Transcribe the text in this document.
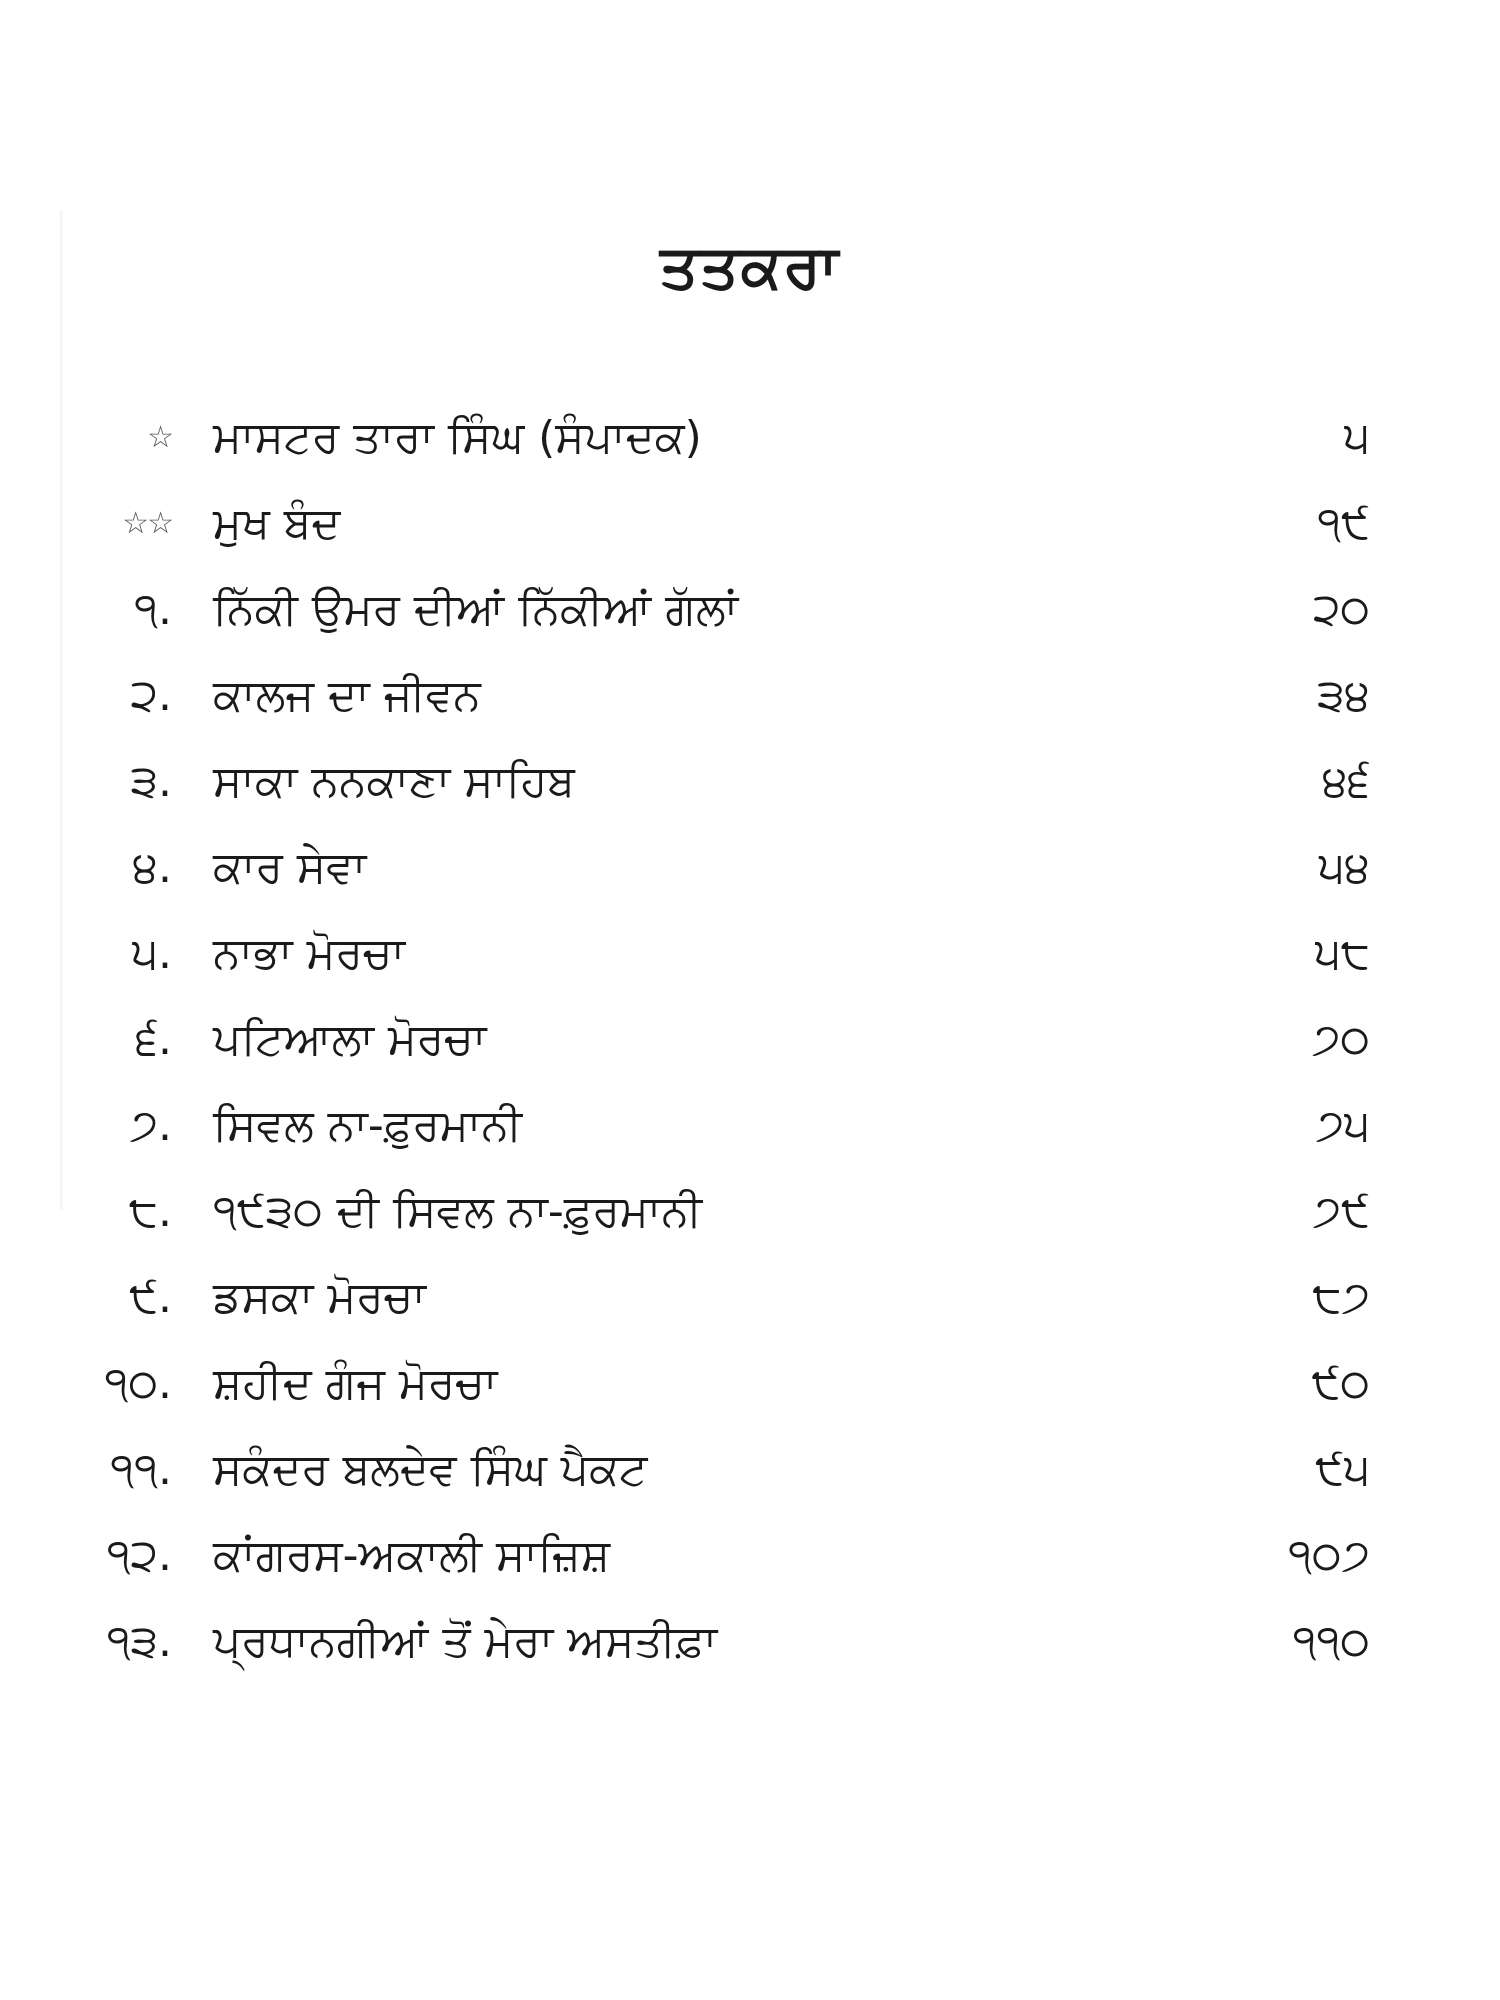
ਤਤਕਰਾ
☆ ਮਾਸਟਰ ਤਾਰਾ ਸਿੰਘ (ਸੰਪਾਦਕ)	੫
☆☆ ਮੁਖ ਬੰਦ	੧੯
੧. ਨਿੱਕੀ ਉਮਰ ਦੀਆਂ ਨਿੱਕੀਆਂ ਗੱਲਾਂ	੨੦
੨. ਕਾਲਜ ਦਾ ਜੀਵਨ	੩੪
੩. ਸਾਕਾ ਨਨਕਾਣਾ ਸਾਹਿਬ	੪੬
੪. ਕਾਰ ਸੇਵਾ	੫੪
੫. ਨਾਭਾ ਮੋਰਚਾ	੫੮
੬. ਪਟਿਆਲਾ ਮੋਰਚਾ	੭੦
੭. ਸਿਵਲ ਨਾ-ਫ਼ੁਰਮਾਨੀ	੭੫
੮. ੧੯੩੦ ਦੀ ਸਿਵਲ ਨਾ-ਫ਼ੁਰਮਾਨੀ	੭੯
੯. ਡਸਕਾ ਮੋਰਚਾ	੮੭
੧੦. ਸ਼ਹੀਦ ਗੰਜ ਮੋਰਚਾ	੯੦
੧੧. ਸਕੰਦਰ ਬਲਦੇਵ ਸਿੰਘ ਪੈਕਟ	੯੫
੧੨. ਕਾਂਗਰਸ-ਅਕਾਲੀ ਸਾਜ਼ਿਸ਼	੧੦੭
੧੩. ਪ੍ਰਧਾਨਗੀਆਂ ਤੋਂ ਮੇਰਾ ਅਸਤੀਫ਼ਾ	੧੧੦
